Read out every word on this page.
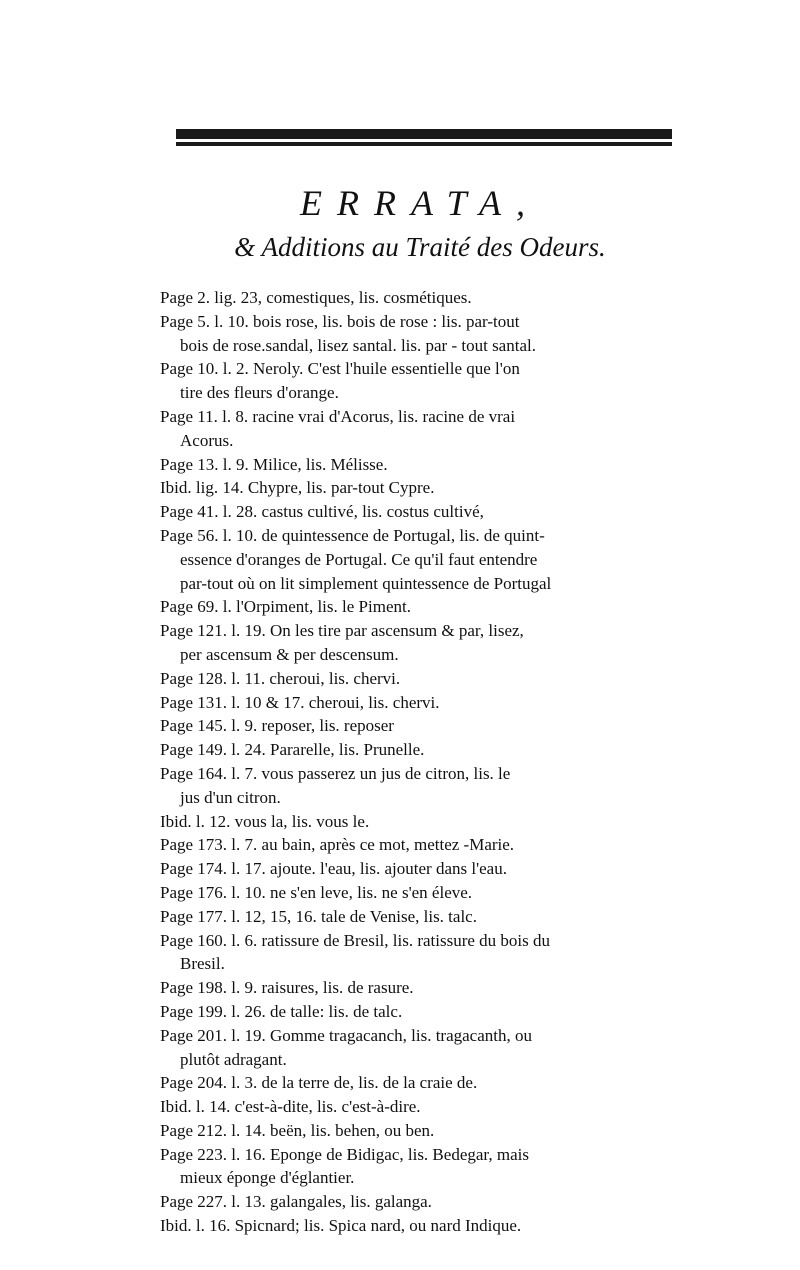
ERRATA,
& Additions au Traité des Odeurs.
Page 2. lig. 23, comestiques, lis. cosmétiques.
Page 5. l. 10. bois rose, lis. bois de rose : lis. par-tout
bois de rose.sandal, lisez santal. lis. par - tout santal.
Page 10. l. 2. Neroly. C'est l'huile essentielle que l'on
tire des fleurs d'orange.
Page 11. l. 8. racine vrai d'Acorus, lis. racine de vrai
Acorus.
Page 13. l. 9. Milice, lis. Mélisse.
Ibid. lig. 14. Chypre, lis. par-tout Cypre.
Page 41. l. 28. castus cultivé, lis. costus cultivé,
Page 56. l. 10. de quintessence de Portugal, lis. de quint-
essence d'oranges de Portugal. Ce qu'il faut entendre
par-tout où on lit simplement quintessence de Portugal
Page 69. l. l'Orpiment, lis. le Piment.
Page 121. l. 19. On les tire par ascensum & par, lisez,
per ascensum & per descensum.
Page 128. l. 11. cheroui, lis. chervi.
Page 131. l. 10 & 17. cheroui, lis. chervi.
Page 145. l. 9. reposer, lis. reposer
Page 149. l. 24. Pararelle, lis. Prunelle.
Page 164. l. 7. vous passerez un jus de citron, lis. le
jus d'un citron.
Ibid. l. 12. vous la, lis. vous le.
Page 173. l. 7. au bain, après ce mot, mettez -Marie.
Page 174. l. 17. ajoute. l'eau, lis. ajouter dans l'eau.
Page 176. l. 10. ne s'en leve, lis. ne s'en éleve.
Page 177. l. 12, 15, 16. tale de Venise, lis. talc.
Page 160. l. 6. ratissure de Bresil, lis. ratissure du bois du
Bresil.
Page 198. l. 9. raisures, lis. de rasure.
Page 199. l. 26. de talle: lis. de talc.
Page 201. l. 19. Gomme tragacanch, lis. tragacanth, ou
plutôt adragant.
Page 204. l. 3. de la terre de, lis. de la craie de.
Ibid. l. 14. c'est-à-dite, lis. c'est-à-dire.
Page 212. l. 14. beën, lis. behen, ou ben.
Page 223. l. 16. Eponge de Bidigac, lis. Bedegar, mais
mieux éponge d'églantier.
Page 227. l. 13. galangales, lis. galanga.
Ibid. l. 16. Spicnard; lis. Spica nard, ou nard Indique.
